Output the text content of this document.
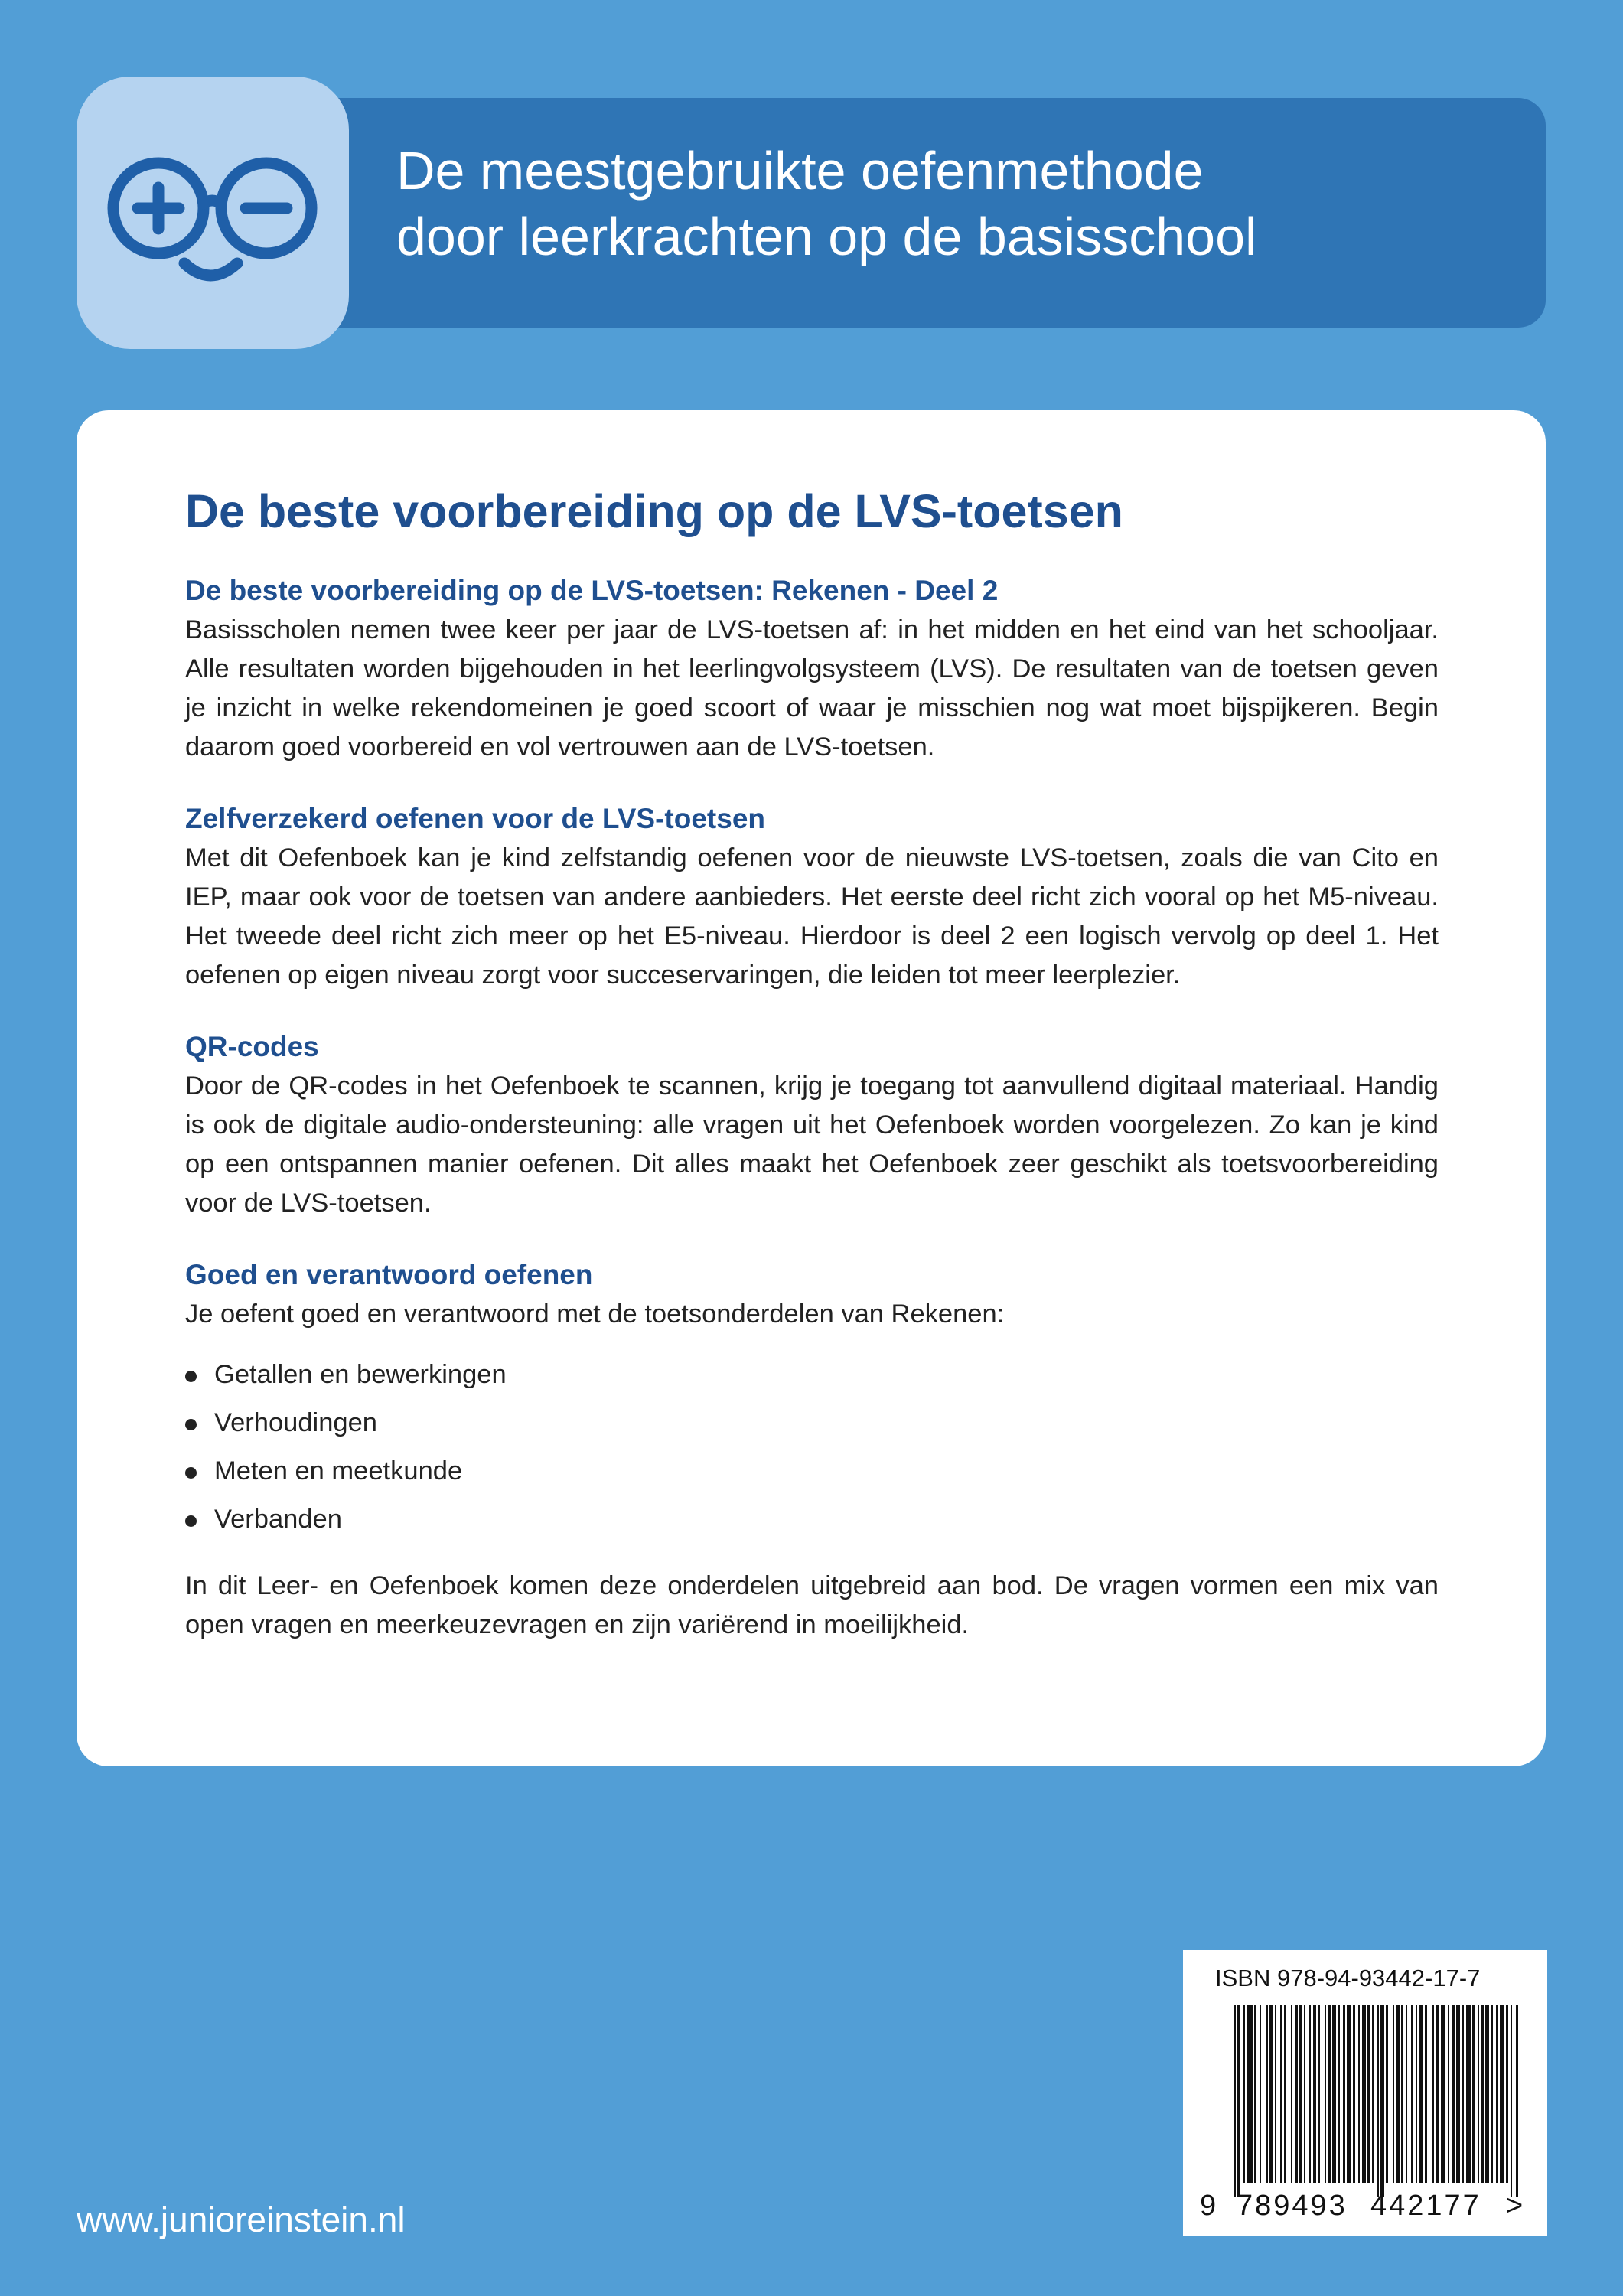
De meestgebruikte oefenmethode
door leerkrachten op de basisschool
De beste voorbereiding op de LVS-toetsen
De beste voorbereiding op de LVS-toetsen: Rekenen - Deel 2

Basisscholen nemen twee keer per jaar de LVS-toetsen af: in het midden en het eind van het schooljaar. Alle resultaten worden bijgehouden in het leerlingvolgsysteem (LVS). De resultaten van de toetsen geven je inzicht in welke rekendomeinen je goed scoort of waar je misschien nog wat moet bijspijkeren. Begin daarom goed voorbereid en vol vertrouwen aan de LVS-toetsen.

Zelfverzekerd oefenen voor de LVS-toetsen

Met dit Oefenboek kan je kind zelfstandig oefenen voor de nieuwste LVS-toetsen, zoals die van Cito en IEP, maar ook voor de toetsen van andere aanbieders. Het eerste deel richt zich vooral op het M5-niveau. Het tweede deel richt zich meer op het E5-niveau. Hierdoor is deel 2 een logisch vervolg op deel 1. Het oefenen op eigen niveau zorgt voor succeservaringen, die leiden tot meer leerplezier.

QR-codes

Door de QR-codes in het Oefenboek te scannen, krijg je toegang tot aanvullend digitaal materiaal. Handig is ook de digitale audio-ondersteuning: alle vragen uit het Oefenboek worden voorgelezen. Zo kan je kind op een ontspannen manier oefenen. Dit alles maakt het Oefenboek zeer geschikt als toetsvoorbereiding voor de LVS-toetsen.

Goed en verantwoord oefenen

Je oefent goed en verantwoord met de toetsonderdelen van Rekenen:

Getallen en bewerkingen
Verhoudingen
Meten en meetkunde
Verbanden

In dit Leer- en Oefenboek komen deze onderdelen uitgebreid aan bod. De vragen vormen een mix van open vragen en meerkeuzevragen en zijn variërend in moeilijkheid.

www.junioreinstein.nl
ISBN 978-94-93442-17-7
9 789493 442177 >
